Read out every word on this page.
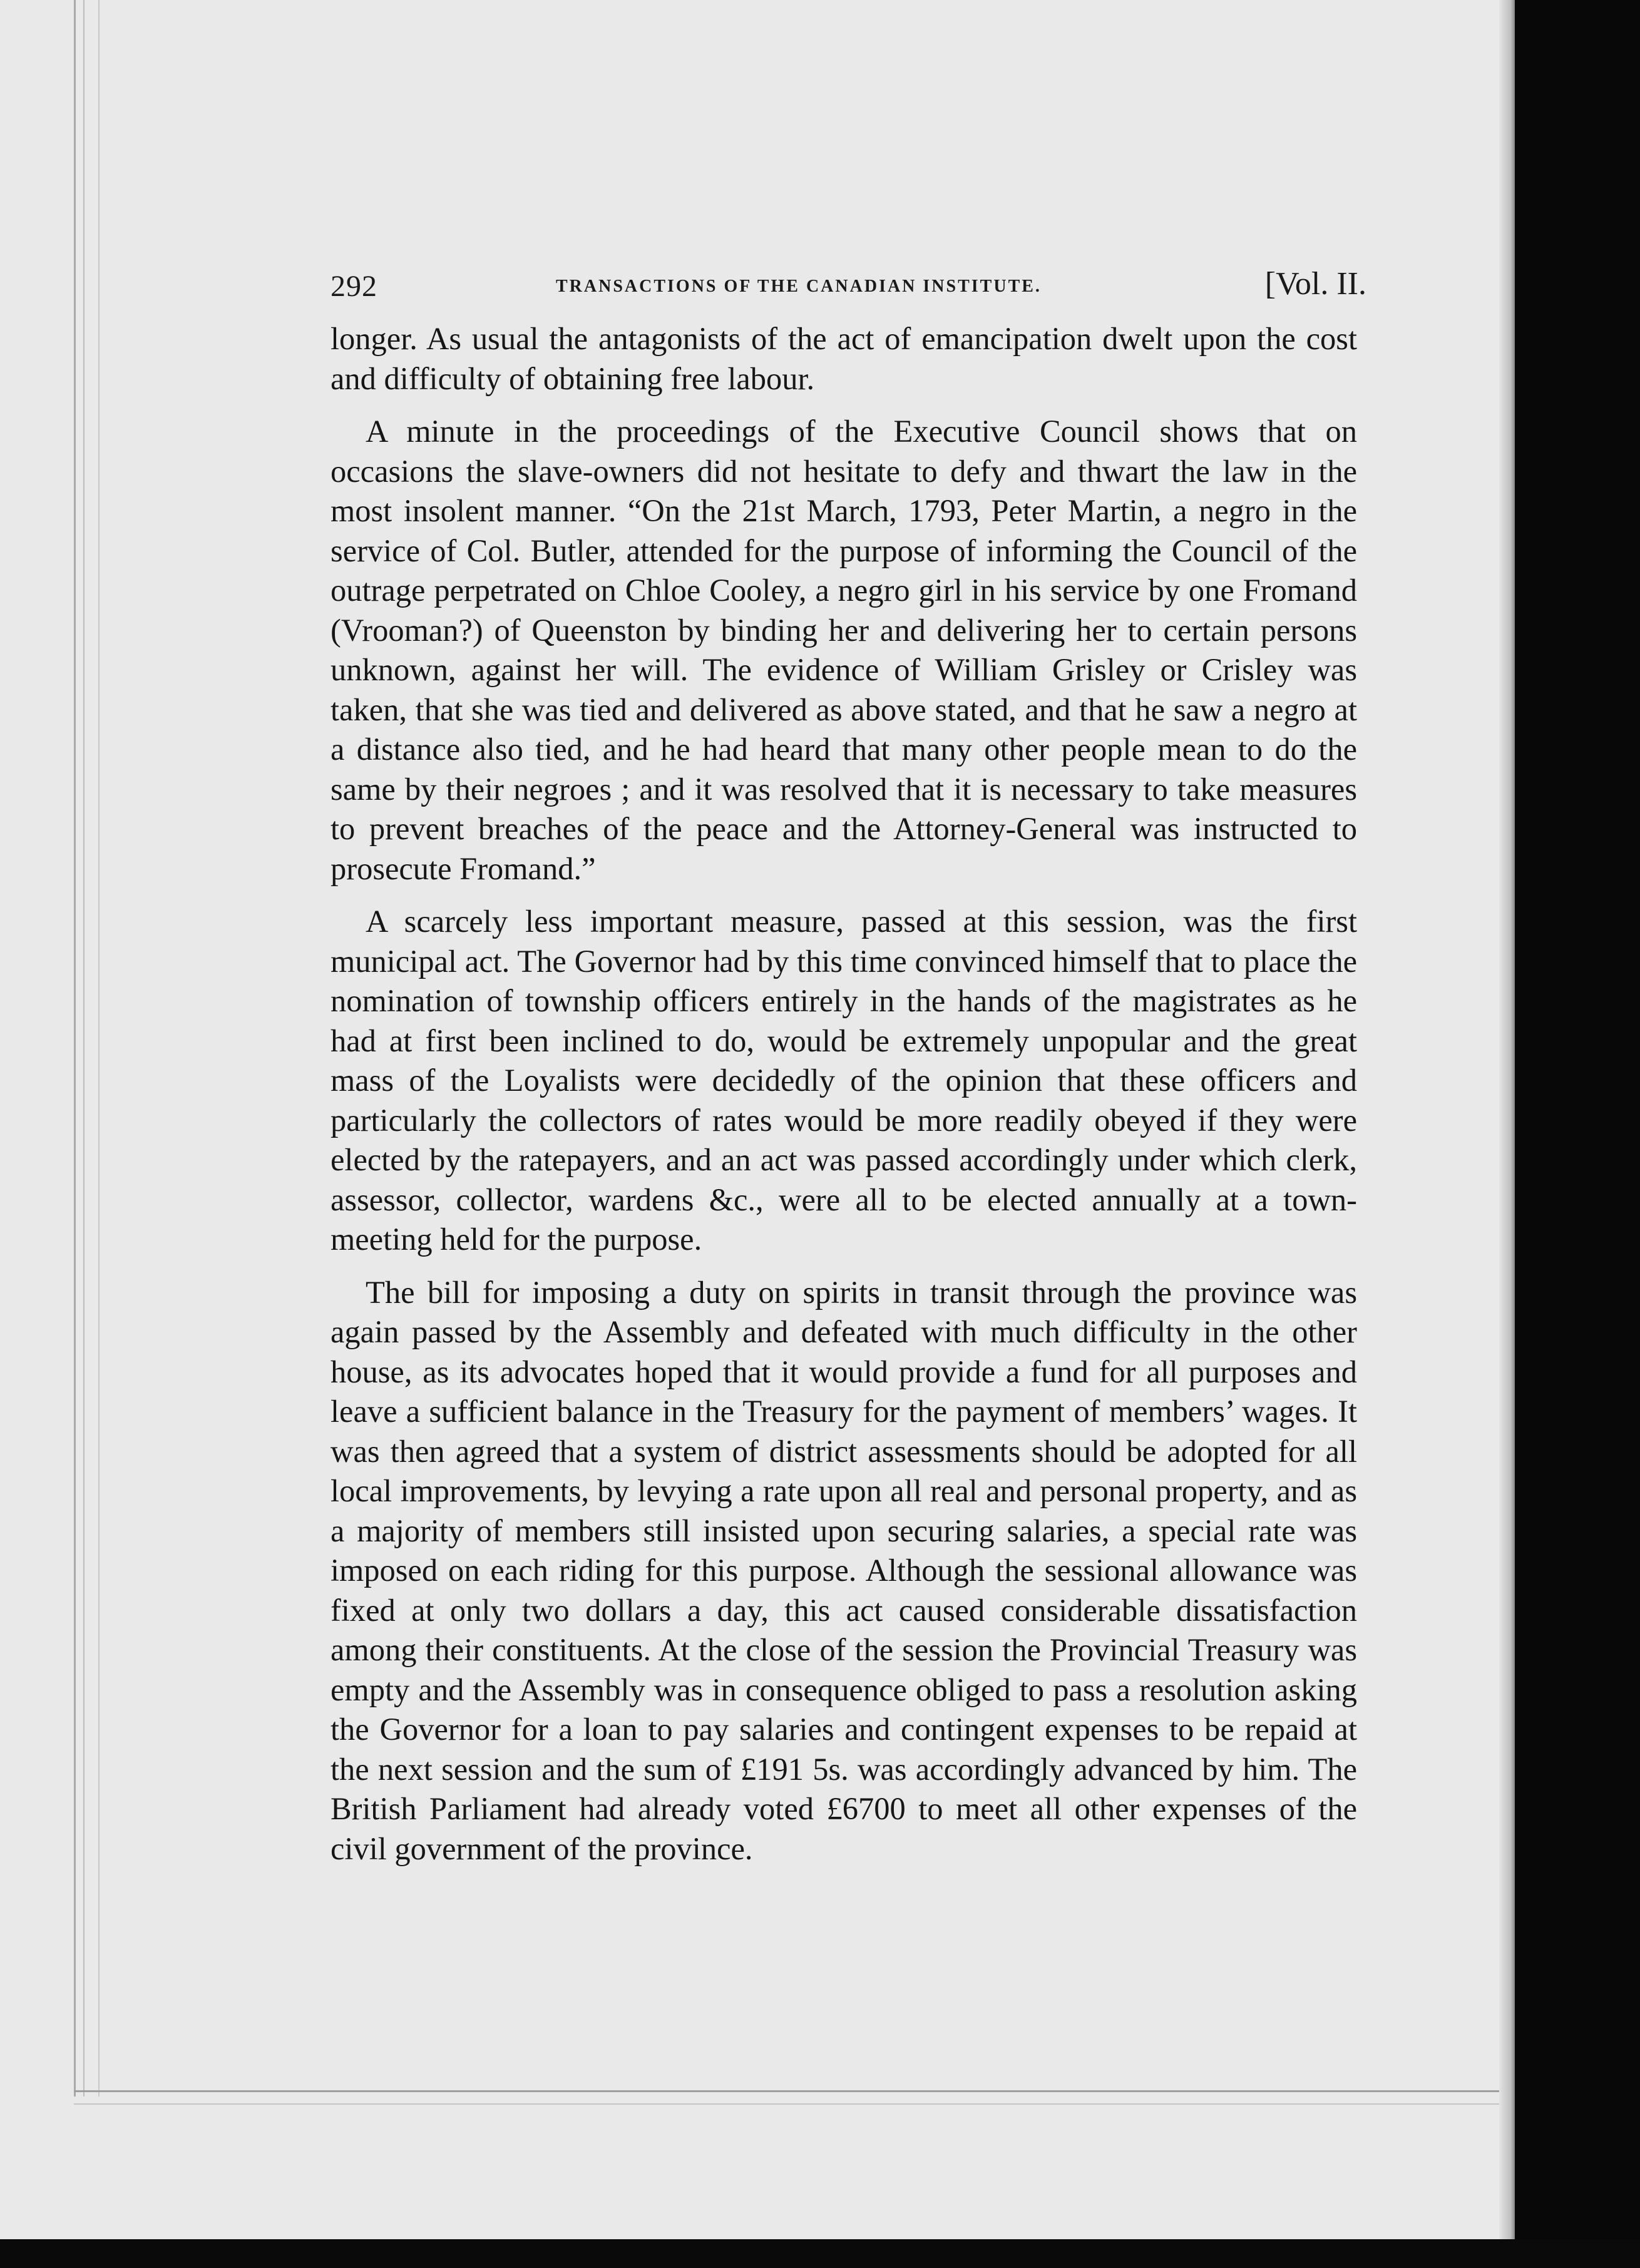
292	TRANSACTIONS OF THE CANADIAN INSTITUTE.	[Vol. II.

longer. As usual the antagonists of the act of emancipation dwelt upon the cost and difficulty of obtaining free labour.

A minute in the proceedings of the Executive Council shows that on occasions the slave-owners did not hesitate to defy and thwart the law in the most insolent manner. “On the 21st March, 1793, Peter Martin, a negro in the service of Col. Butler, attended for the purpose of informing the Council of the outrage perpetrated on Chloe Cooley, a negro girl in his service by one Fromand (Vrooman?) of Queenston by binding her and delivering her to certain persons unknown, against her will. The evidence of William Grisley or Crisley was taken, that she was tied and delivered as above stated, and that he saw a negro at a distance also tied, and he had heard that many other people mean to do the same by their negroes ; and it was resolved that it is necessary to take measures to prevent breaches of the peace and the Attorney-General was instructed to prosecute Fromand.”

A scarcely less important measure, passed at this session, was the first municipal act. The Governor had by this time convinced himself that to place the nomination of township officers entirely in the hands of the magistrates as he had at first been inclined to do, would be extremely unpopular and the great mass of the Loyalists were decidedly of the opinion that these officers and particularly the collectors of rates would be more readily obeyed if they were elected by the ratepayers, and an act was passed accordingly under which clerk, assessor, collector, wardens &c., were all to be elected annually at a town-meeting held for the purpose.

The bill for imposing a duty on spirits in transit through the province was again passed by the Assembly and defeated with much difficulty in the other house, as its advocates hoped that it would provide a fund for all purposes and leave a sufficient balance in the Treasury for the payment of members’ wages. It was then agreed that a system of district assessments should be adopted for all local improvements, by levying a rate upon all real and personal property, and as a majority of members still insisted upon securing salaries, a special rate was imposed on each riding for this purpose. Although the sessional allowance was fixed at only two dollars a day, this act caused considerable dissatisfaction among their constituents. At the close of the session the Provincial Treasury was empty and the Assembly was in consequence obliged to pass a resolution asking the Governor for a loan to pay salaries and contingent expenses to be repaid at the next session and the sum of £191 5s. was accordingly advanced by him. The British Parliament had already voted £6700 to meet all other expenses of the civil government of the province.
